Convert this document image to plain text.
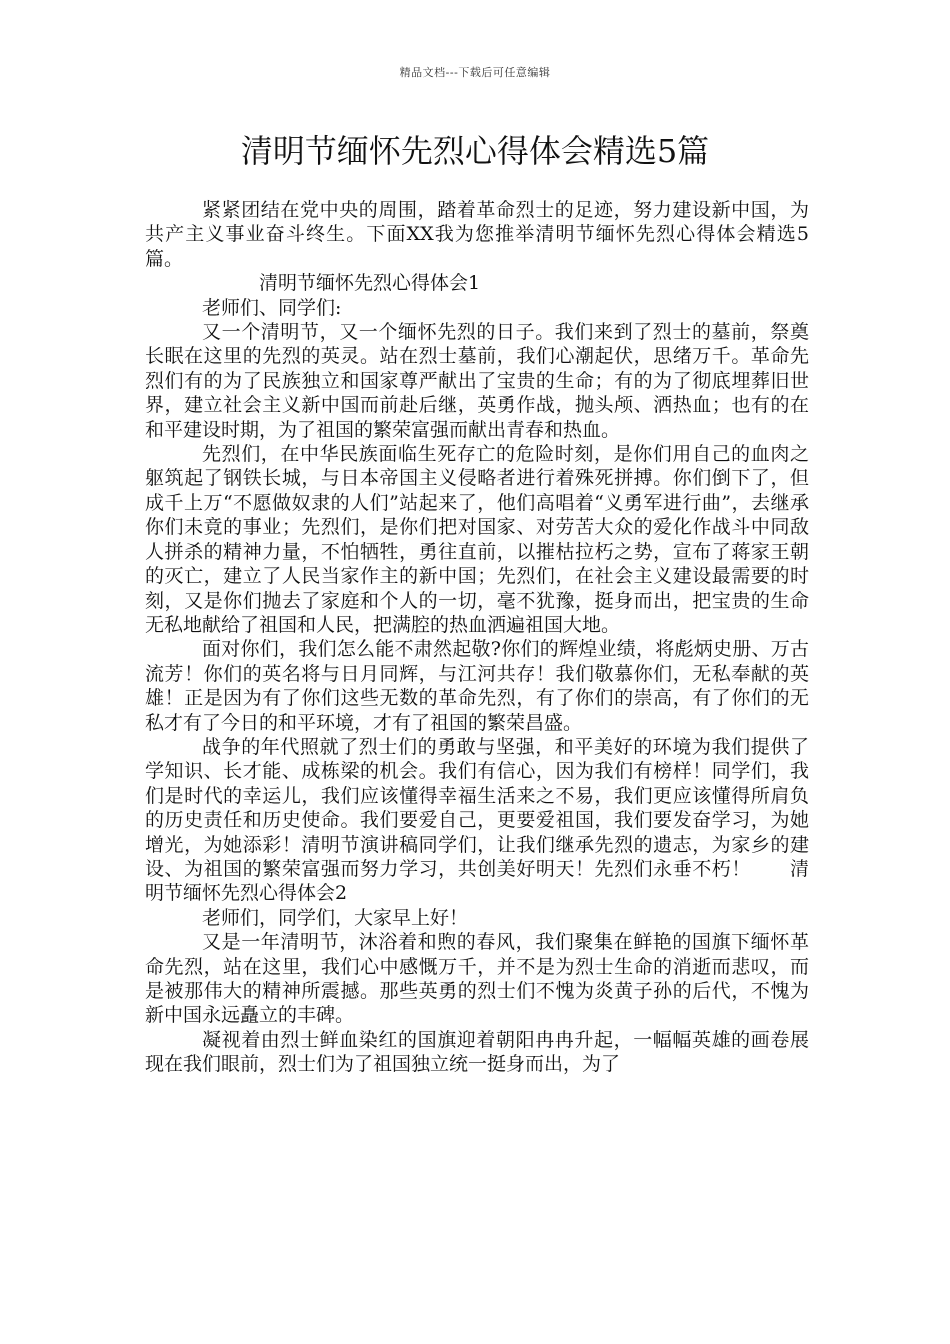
精品文档---下载后可任意编辑
清明节缅怀先烈心得体会精选5篇

紧紧团结在党中央的周围，踏着革命烈士的足迹，努力建设新中国，为共产主义事业奋斗终生。下面XX我为您推举清明节缅怀先烈心得体会精选5篇。

清明节缅怀先烈心得体会1

老师们、同学们:

又一个清明节，又一个缅怀先烈的日子。我们来到了烈士的墓前，祭奠长眠在这里的先烈的英灵。站在烈士墓前，我们心潮起伏，思绪万千。革命先烈们有的为了民族独立和国家尊严献出了宝贵的生命；有的为了彻底埋葬旧世界，建立社会主义新中国而前赴后继，英勇作战，抛头颅、洒热血；也有的在和平建设时期，为了祖国的繁荣富强而献出青春和热血。

先烈们，在中华民族面临生死存亡的危险时刻，是你们用自己的血肉之躯筑起了钢铁长城，与日本帝国主义侵略者进行着殊死拼搏。你们倒下了，但成千上万“不愿做奴隶的人们”站起来了，他们高唱着“义勇军进行曲”，去继承你们未竟的事业；先烈们，是你们把对国家、对劳苦大众的爱化作战斗中同敌人拼杀的精神力量，不怕牺牲，勇往直前，以摧枯拉朽之势，宣布了蒋家王朝的灭亡，建立了人民当家作主的新中国；先烈们，在社会主义建设最需要的时刻，又是你们抛去了家庭和个人的一切，毫不犹豫，挺身而出，把宝贵的生命无私地献给了祖国和人民，把满腔的热血洒遍祖国大地。

面对你们，我们怎么能不肃然起敬?你们的辉煌业绩，将彪炳史册、万古流芳！你们的英名将与日月同辉，与江河共存！我们敬慕你们，无私奉献的英雄！正是因为有了你们这些无数的革命先烈，有了你们的崇高，有了你们的无私才有了今日的和平环境，才有了祖国的繁荣昌盛。

战争的年代照就了烈士们的勇敢与坚强，和平美好的环境为我们提供了学知识、长才能、成栋梁的机会。我们有信心，因为我们有榜样！同学们，我们是时代的幸运儿，我们应该懂得幸福生活来之不易，我们更应该懂得所肩负的历史责任和历史使命。我们要爱自己，更要爱祖国，我们要发奋学习，为她增光，为她添彩！清明节演讲稿同学们，让我们继承先烈的遗志，为家乡的建设、为祖国的繁荣富强而努力学习，共创美好明天！先烈们永垂不朽！　　清明节缅怀先烈心得体会2

老师们，同学们，大家早上好！

又是一年清明节，沐浴着和煦的春风，我们聚集在鲜艳的国旗下缅怀革命先烈，站在这里，我们心中感慨万千，并不是为烈士生命的消逝而悲叹，而是被那伟大的精神所震撼。那些英勇的烈士们不愧为炎黄子孙的后代，不愧为新中国永远矗立的丰碑。

凝视着由烈士鲜血染红的国旗迎着朝阳冉冉升起，一幅幅英雄的画卷展现在我们眼前，烈士们为了祖国独立统一挺身而出，为了
